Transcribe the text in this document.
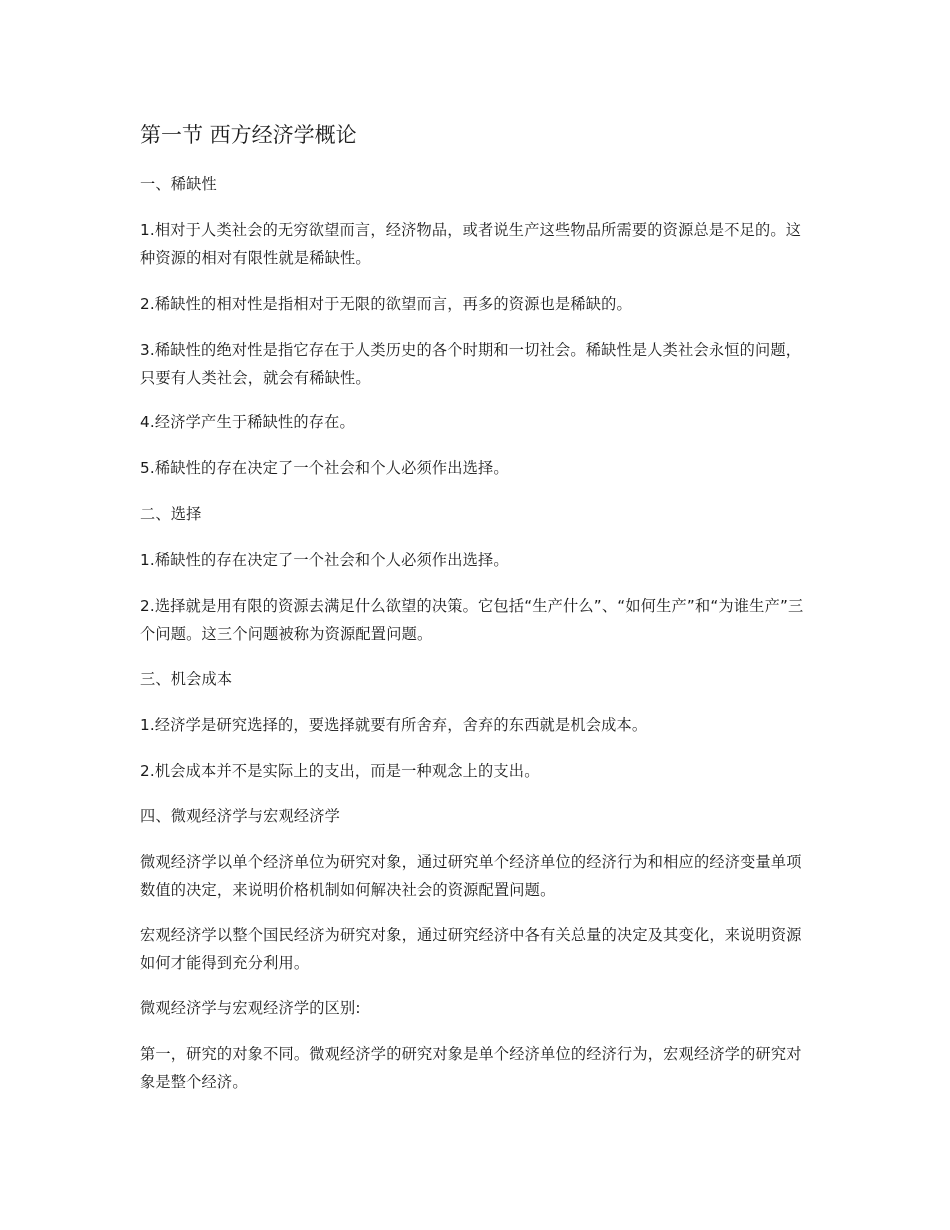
第一节 西方经济学概论
一、稀缺性
1.相对于人类社会的无穷欲望而言，经济物品，或者说生产这些物品所需要的资源总是不足的。这种资源的相对有限性就是稀缺性。
2.稀缺性的相对性是指相对于无限的欲望而言，再多的资源也是稀缺的。
3.稀缺性的绝对性是指它存在于人类历史的各个时期和一切社会。稀缺性是人类社会永恒的问题，只要有人类社会，就会有稀缺性。
4.经济学产生于稀缺性的存在。
5.稀缺性的存在决定了一个社会和个人必须作出选择。
二、选择
1.稀缺性的存在决定了一个社会和个人必须作出选择。
2.选择就是用有限的资源去满足什么欲望的决策。它包括“生产什么”、“如何生产”和“为谁生产”三个问题。这三个问题被称为资源配置问题。
三、机会成本
1.经济学是研究选择的，要选择就要有所舍弃，舍弃的东西就是机会成本。
2.机会成本并不是实际上的支出，而是一种观念上的支出。
四、微观经济学与宏观经济学
微观经济学以单个经济单位为研究对象，通过研究单个经济单位的经济行为和相应的经济变量单项数值的决定，来说明价格机制如何解决社会的资源配置问题。
宏观经济学以整个国民经济为研究对象，通过研究经济中各有关总量的决定及其变化，来说明资源如何才能得到充分利用。
微观经济学与宏观经济学的区别:
第一，研究的对象不同。微观经济学的研究对象是单个经济单位的经济行为，宏观经济学的研究对象是整个经济。
